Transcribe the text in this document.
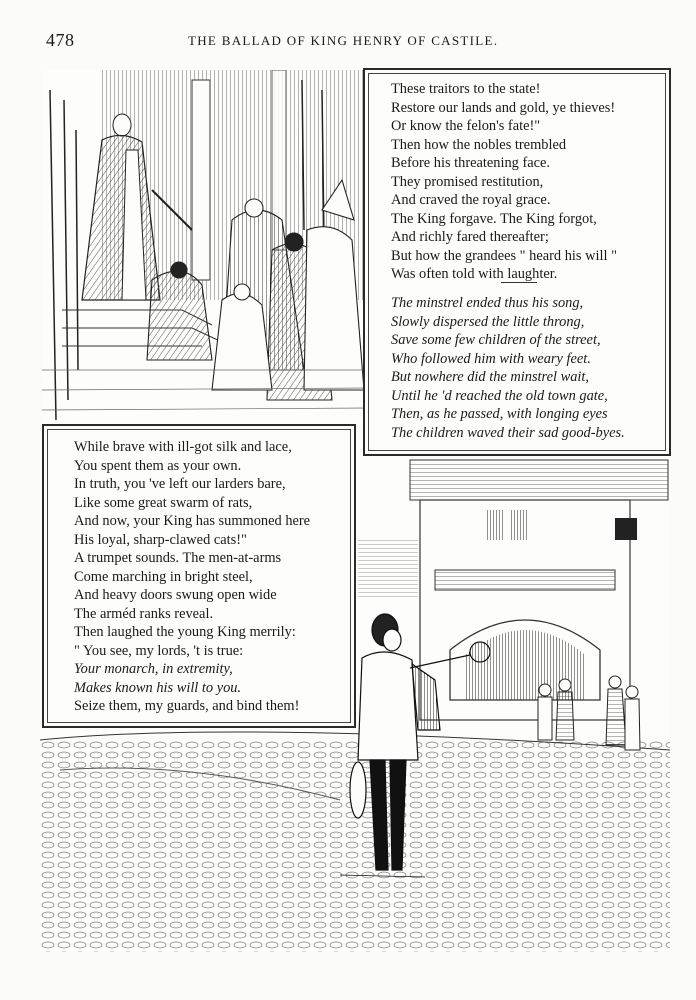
478	THE BALLAD OF KING HENRY OF CASTILE.
These traitors to the state!
Restore our lands and gold, ye thieves!
Or know the felon's fate!"
Then how the nobles trembled
Before his threatening face.
They promised restitution,
And craved the royal grace.
The King forgave. The King forgot,
And richly fared thereafter;
But how the grandees " heard his will "
Was often told with laughter.
The minstrel ended thus his song,
Slowly dispersed the little throng,
Save some few children of the street,
Who followed him with weary feet.
But nowhere did the minstrel wait,
Until he 'd reached the old town gate,
Then, as he passed, with longing eyes
The children waved their sad good-byes.
While brave with ill-got silk and lace,
You spent them as your own.
In truth, you 've left our larders bare,
Like some great swarm of rats,
And now, your King has summoned here
His loyal, sharp-clawed cats!"
A trumpet sounds. The men-at-arms
Come marching in bright steel,
And heavy doors swung open wide
The arméd ranks reveal.
Then laughed the young King merrily:
" You see, my lords, 't is true:
Your monarch, in extremity,
Makes known his will to you.
Seize them, my guards, and bind them!
